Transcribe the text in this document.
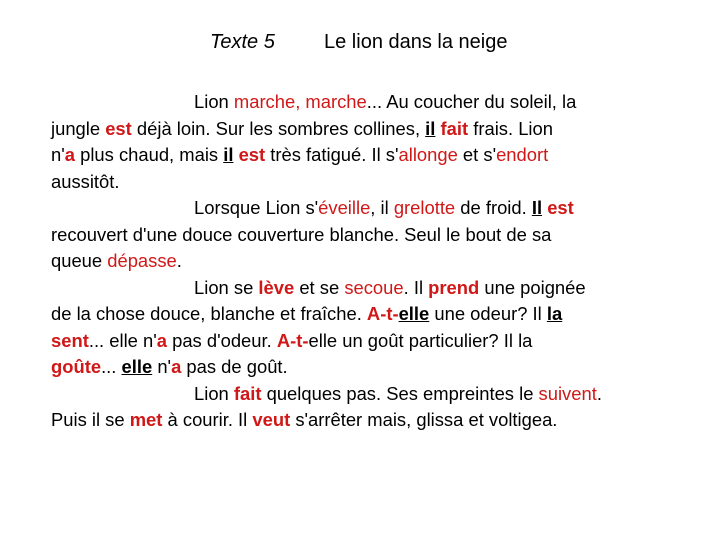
Texte 5 Le lion dans la neige
Lion marche, marche... Au coucher du soleil, la
jungle est déjà loin. Sur les sombres collines, il fait frais. Lion
n'a plus chaud, mais il est très fatigué. Il s'allonge et s'endort
aussitôt.
Lorsque Lion s'éveille, il grelotte de froid. Il est
recouvert d'une douce couverture blanche. Seul le bout de sa
queue dépasse.
Lion se lève et se secoue. Il prend une poignée
de la chose douce, blanche et fraîche. A-t-elle une odeur? Il la
sent... elle n'a pas d'odeur. A-t-elle un goût particulier? Il la
goûte... elle n'a pas de goût.
Lion fait quelques pas. Ses empreintes le suivent.
Puis il se met à courir. Il veut s'arrêter mais, glissa et voltigea.
